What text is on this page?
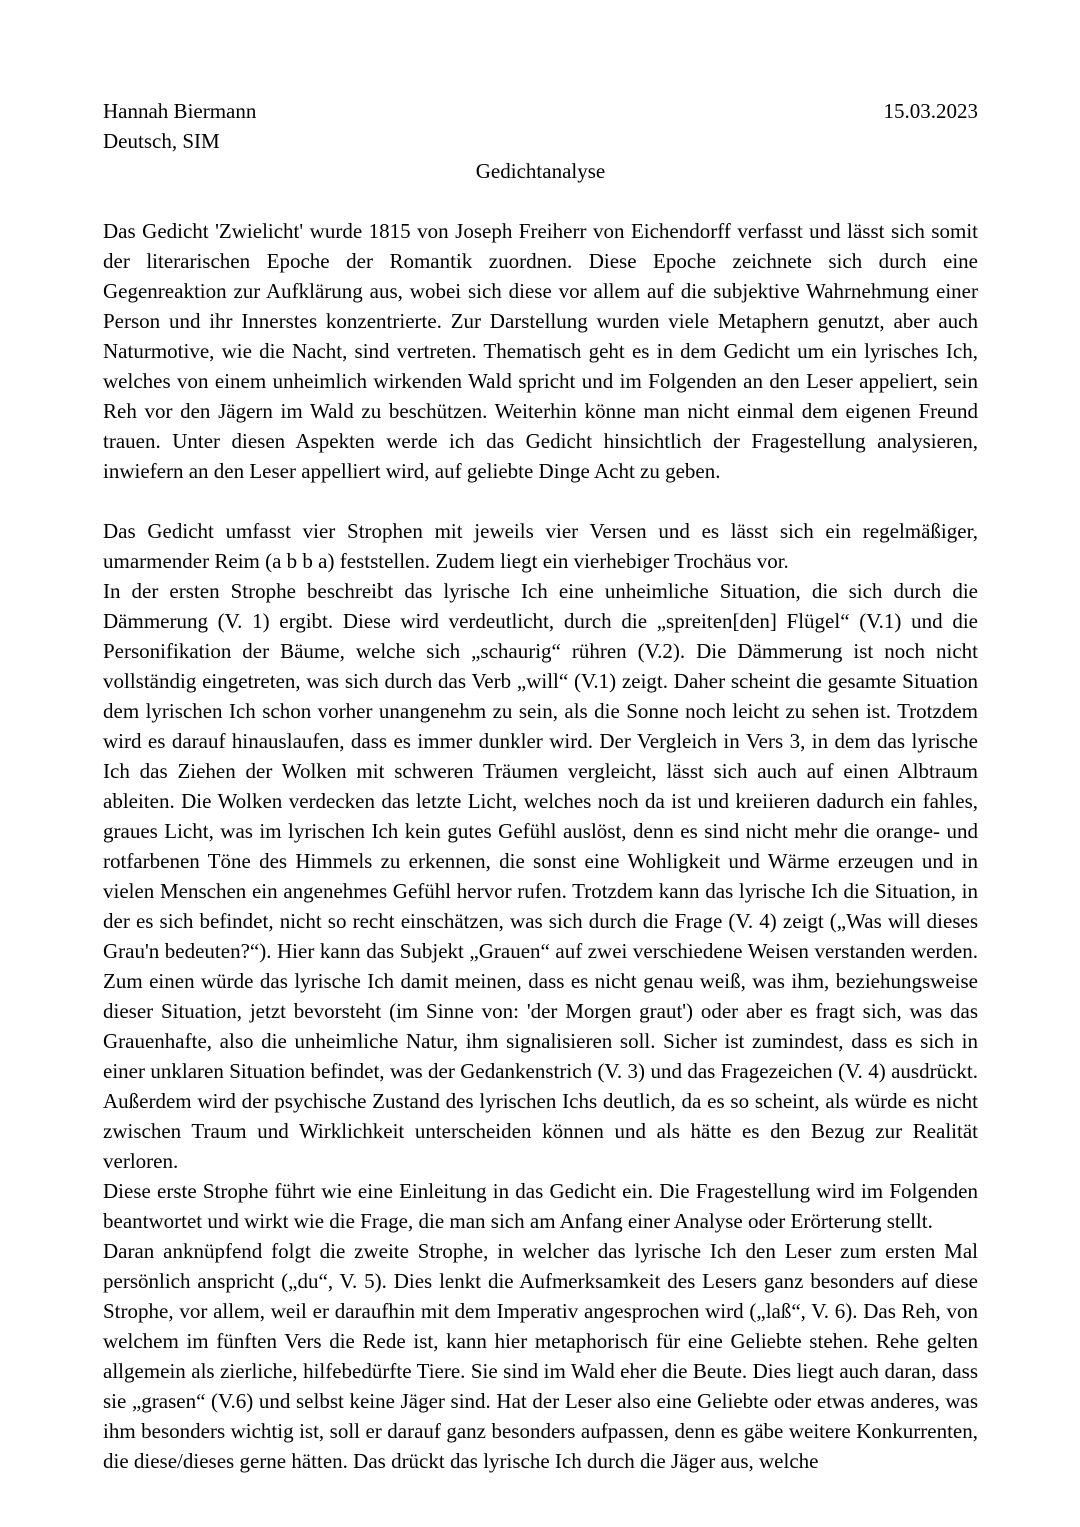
Hannah Biermann	15.03.2023
Deutsch, SIM
Gedichtanalyse

Das Gedicht 'Zwielicht' wurde 1815 von Joseph Freiherr von Eichendorff verfasst und lässt sich somit der literarischen Epoche der Romantik zuordnen. Diese Epoche zeichnete sich durch eine Gegenreaktion zur Aufklärung aus, wobei sich diese vor allem auf die subjektive Wahrnehmung einer Person und ihr Innerstes konzentrierte. Zur Darstellung wurden viele Metaphern genutzt, aber auch Naturmotive, wie die Nacht, sind vertreten. Thematisch geht es in dem Gedicht um ein lyrisches Ich, welches von einem unheimlich wirkenden Wald spricht und im Folgenden an den Leser appeliert, sein Reh vor den Jägern im Wald zu beschützen. Weiterhin könne man nicht einmal dem eigenen Freund trauen. Unter diesen Aspekten werde ich das Gedicht hinsichtlich der Fragestellung analysieren, inwiefern an den Leser appelliert wird, auf geliebte Dinge Acht zu geben.

Das Gedicht umfasst vier Strophen mit jeweils vier Versen und es lässt sich ein regelmäßiger, umarmender Reim (a b b a) feststellen. Zudem liegt ein vierhebiger Trochäus vor.

In der ersten Strophe beschreibt das lyrische Ich eine unheimliche Situation, die sich durch die Dämmerung (V. 1) ergibt. Diese wird verdeutlicht, durch die „spreiten[den] Flügel“ (V.1) und die Personifikation der Bäume, welche sich „schaurig“ rühren (V.2). Die Dämmerung ist noch nicht vollständig eingetreten, was sich durch das Verb „will“ (V.1) zeigt. Daher scheint die gesamte Situation dem lyrischen Ich schon vorher unangenehm zu sein, als die Sonne noch leicht zu sehen ist. Trotzdem wird es darauf hinauslaufen, dass es immer dunkler wird. Der Vergleich in Vers 3, in dem das lyrische Ich das Ziehen der Wolken mit schweren Träumen vergleicht, lässt sich auch auf einen Albtraum ableiten. Die Wolken verdecken das letzte Licht, welches noch da ist und kreiieren dadurch ein fahles, graues Licht, was im lyrischen Ich kein gutes Gefühl auslöst, denn es sind nicht mehr die orange- und rotfarbenen Töne des Himmels zu erkennen, die sonst eine Wohligkeit und Wärme erzeugen und in vielen Menschen ein angenehmes Gefühl hervor rufen. Trotzdem kann das lyrische Ich die Situation, in der es sich befindet, nicht so recht einschätzen, was sich durch die Frage (V. 4) zeigt („Was will dieses Grau'n bedeuten?“). Hier kann das Subjekt „Grauen“ auf zwei verschiedene Weisen verstanden werden. Zum einen würde das lyrische Ich damit meinen, dass es nicht genau weiß, was ihm, beziehungsweise dieser Situation, jetzt bevorsteht (im Sinne von: 'der Morgen graut') oder aber es fragt sich, was das Grauenhafte, also die unheimliche Natur, ihm signalisieren soll. Sicher ist zumindest, dass es sich in einer unklaren Situation befindet, was der Gedankenstrich (V. 3) und das Fragezeichen (V. 4) ausdrückt. Außerdem wird der psychische Zustand des lyrischen Ichs deutlich, da es so scheint, als würde es nicht zwischen Traum und Wirklichkeit unterscheiden können und als hätte es den Bezug zur Realität verloren.

Diese erste Strophe führt wie eine Einleitung in das Gedicht ein. Die Fragestellung wird im Folgenden beantwortet und wirkt wie die Frage, die man sich am Anfang einer Analyse oder Erörterung stellt.

Daran anknüpfend folgt die zweite Strophe, in welcher das lyrische Ich den Leser zum ersten Mal persönlich anspricht („du“, V. 5). Dies lenkt die Aufmerksamkeit des Lesers ganz besonders auf diese Strophe, vor allem, weil er daraufhin mit dem Imperativ angesprochen wird („laß“, V. 6). Das Reh, von welchem im fünften Vers die Rede ist, kann hier metaphorisch für eine Geliebte stehen. Rehe gelten allgemein als zierliche, hilfebedürfte Tiere. Sie sind im Wald eher die Beute. Dies liegt auch daran, dass sie „grasen“ (V.6) und selbst keine Jäger sind. Hat der Leser also eine Geliebte oder etwas anderes, was ihm besonders wichtig ist, soll er darauf ganz besonders aufpassen, denn es gäbe weitere Konkurrenten, die diese/dieses gerne hätten. Das drückt das lyrische Ich durch die Jäger aus, welche
